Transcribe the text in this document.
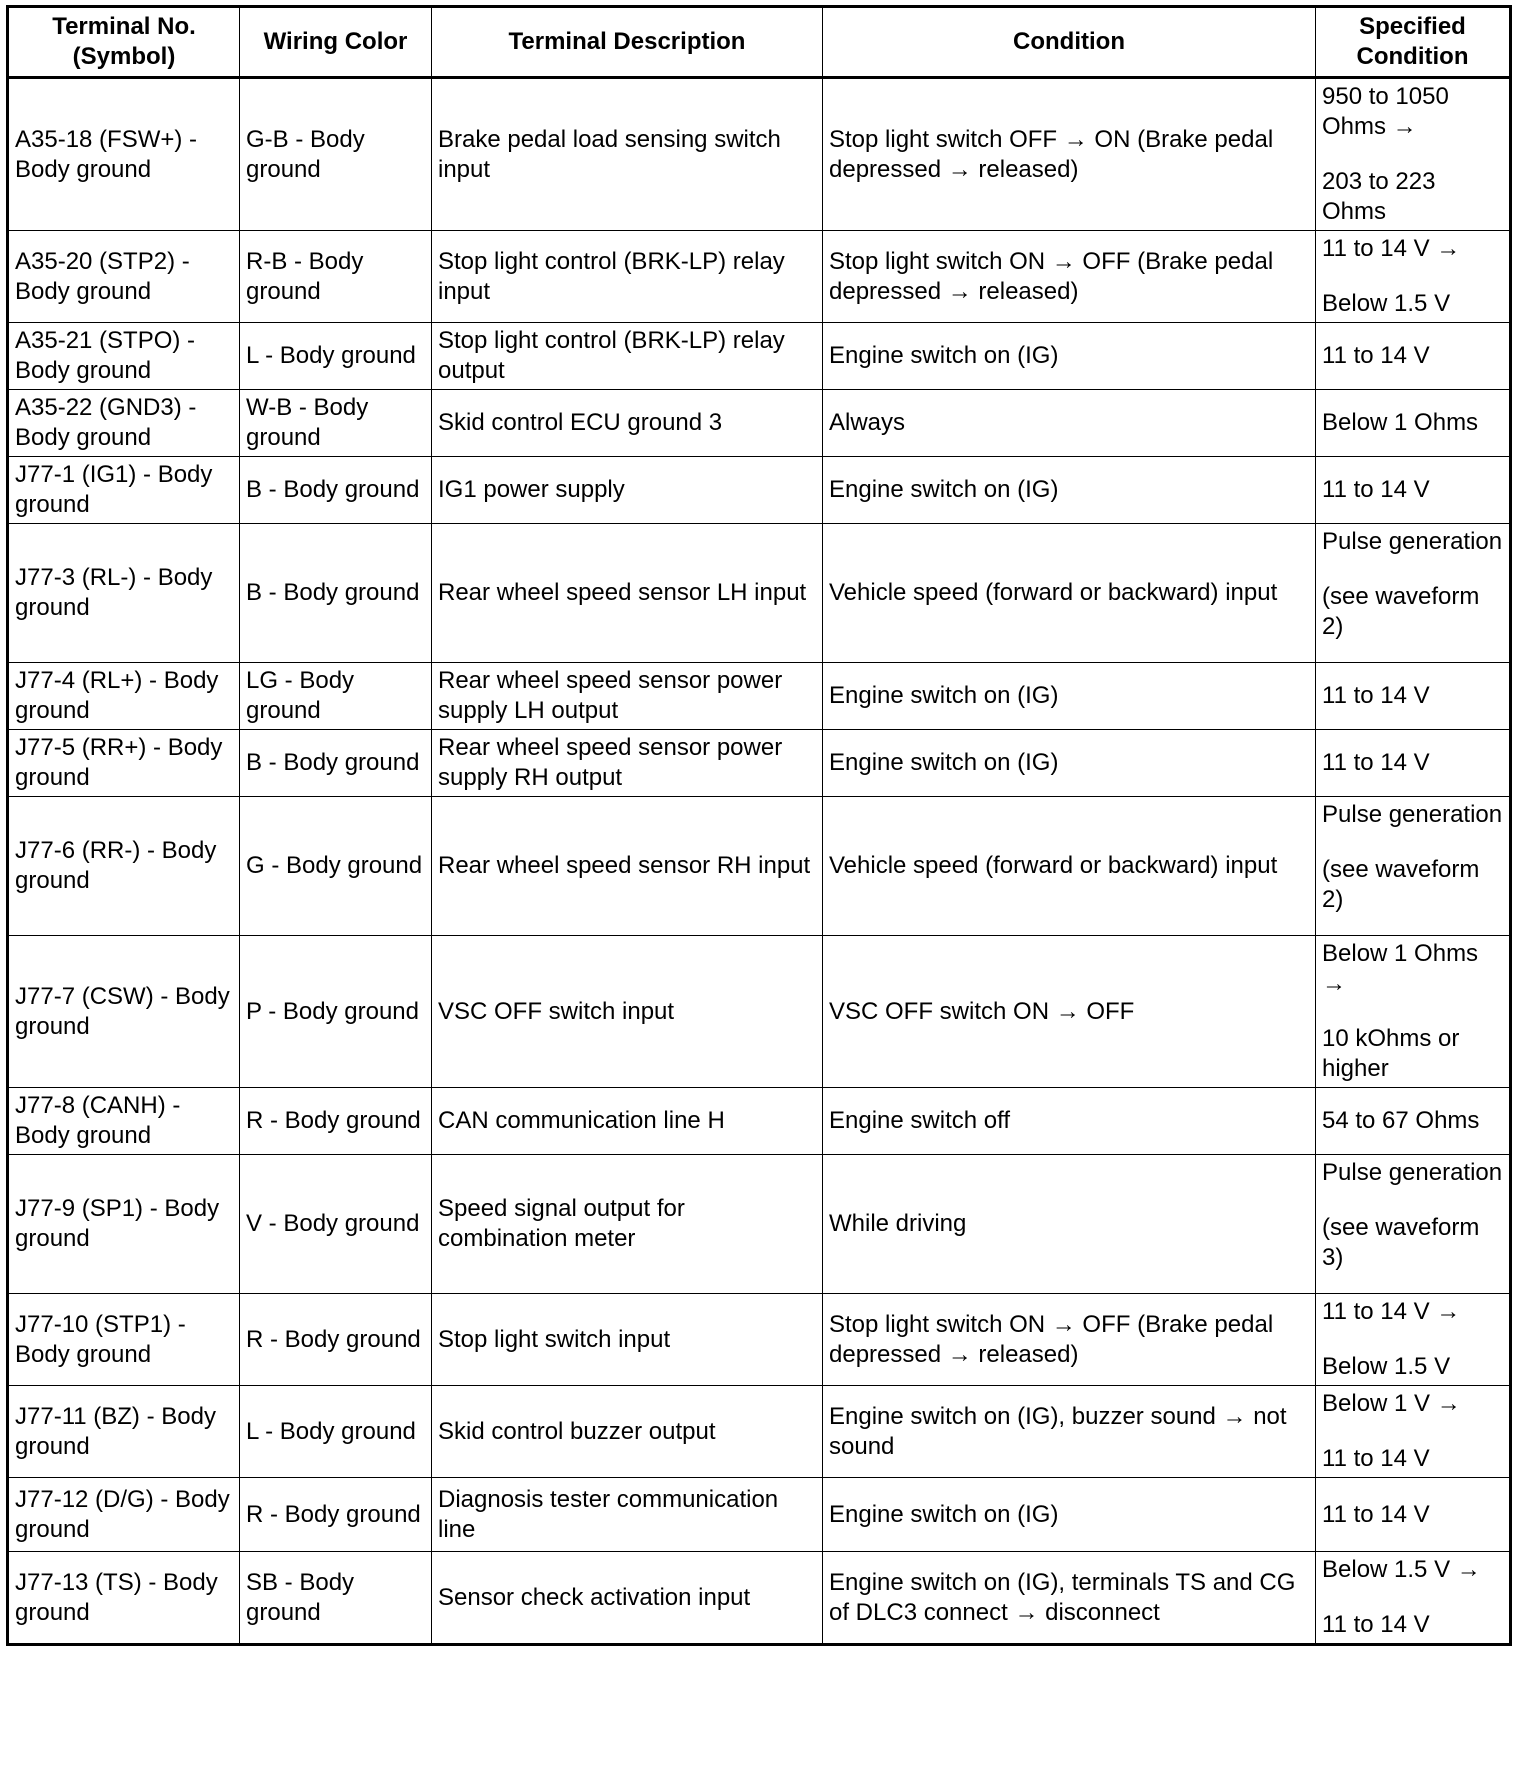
Terminal No.
(Symbol)	Wiring Color	Terminal Description	Condition	Specified
Condition

A35-18 (FSW+) - Body ground	G-B - Body ground	Brake pedal load sensing switch input	Stop light switch OFF → ON (Brake pedal depressed → released)	950 to 1050 Ohms →
203 to 223 Ohms

A35-20 (STP2) - Body ground	R-B - Body ground	Stop light control (BRK-LP) relay input	Stop light switch ON → OFF (Brake pedal depressed → released)	11 to 14 V →
Below 1.5 V

A35-21 (STPO) - Body ground	L - Body ground	Stop light control (BRK-LP) relay output	Engine switch on (IG)	11 to 14 V

A35-22 (GND3) - Body ground	W-B - Body ground	Skid control ECU ground 3	Always	Below 1 Ohms

J77-1 (IG1) - Body ground	B - Body ground	IG1 power supply	Engine switch on (IG)	11 to 14 V

J77-3 (RL-) - Body ground	B - Body ground	Rear wheel speed sensor LH input	Vehicle speed (forward or backward) input	Pulse generation
(see waveform 2)

J77-4 (RL+) - Body ground	LG - Body ground	Rear wheel speed sensor power supply LH output	Engine switch on (IG)	11 to 14 V

J77-5 (RR+) - Body ground	B - Body ground	Rear wheel speed sensor power supply RH output	Engine switch on (IG)	11 to 14 V

J77-6 (RR-) - Body ground	G - Body ground	Rear wheel speed sensor RH input	Vehicle speed (forward or backward) input	Pulse generation
(see waveform 2)

J77-7 (CSW) - Body ground	P - Body ground	VSC OFF switch input	VSC OFF switch ON → OFF	Below 1 Ohms →
10 kOhms or higher

J77-8 (CANH) - Body ground	R - Body ground	CAN communication line H	Engine switch off	54 to 67 Ohms

J77-9 (SP1) - Body ground	V - Body ground	Speed signal output for combination meter	While driving	Pulse generation
(see waveform 3)

J77-10 (STP1) - Body ground	R - Body ground	Stop light switch input	Stop light switch ON → OFF (Brake pedal depressed → released)	11 to 14 V →
Below 1.5 V

J77-11 (BZ) - Body ground	L - Body ground	Skid control buzzer output	Engine switch on (IG), buzzer sound → not sound	Below 1 V →
11 to 14 V

J77-12 (D/G) - Body ground	R - Body ground	Diagnosis tester communication line	Engine switch on (IG)	11 to 14 V

J77-13 (TS) - Body ground	SB - Body ground	Sensor check activation input	Engine switch on (IG), terminals TS and CG of DLC3 connect → disconnect	Below 1.5 V →
11 to 14 V
